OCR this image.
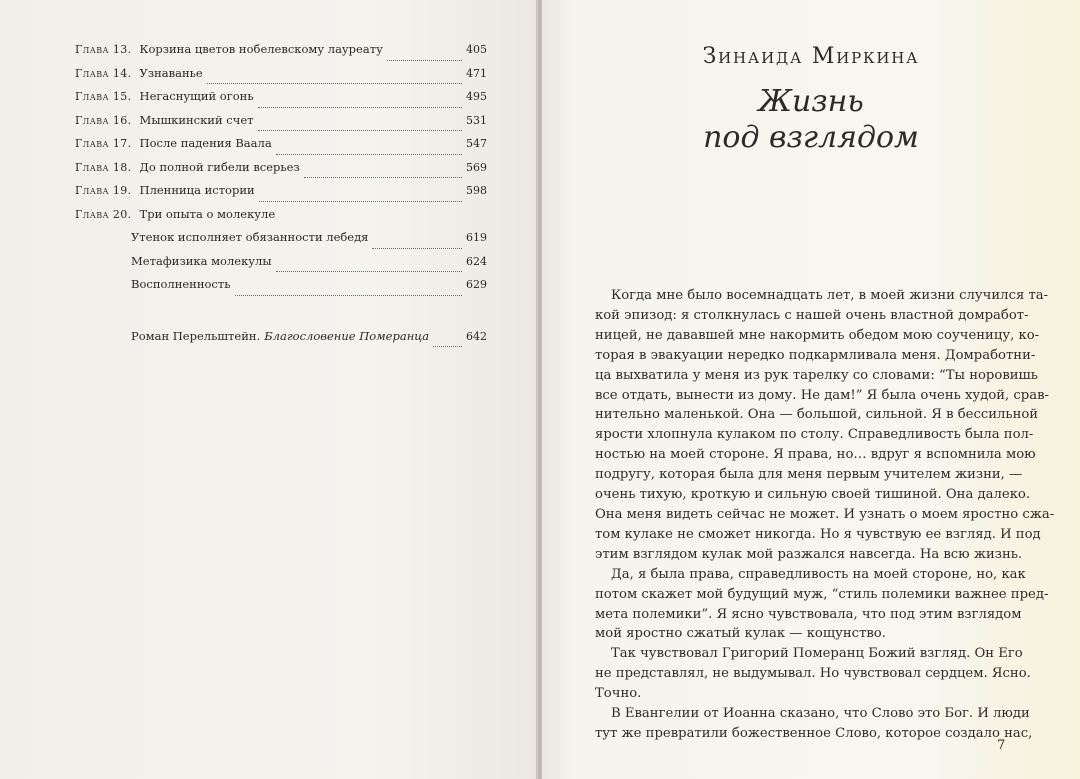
Глава 13. Корзина цветов нобелевскому лауреату	405
Глава 14. Узнаванье	471
Глава 15. Негаснущий огонь	495
Глава 16. Мышкинский счет	531
Глава 17. После падения Ваала	547
Глава 18. До полной гибели всерьез	569
Глава 19. Пленница истории	598
Глава 20. Три опыта о молекуле
Утенок исполняет обязанности лебедя	619
Метафизика молекулы	624
Восполненность	629
Роман Перельштейн. Благословение Померанца	642
Зинаида Миркина
Жизнь
под взглядом
Когда мне было восемнадцать лет, в моей жизни случился та-
кой эпизод: я столкнулась с нашей очень властной домработ-
ницей, не дававшей мне накормить обедом мою соученицу, ко-
торая в эвакуации нередко подкармливала меня. Домработни-
ца выхватила у меня из рук тарелку со словами: “Ты норовишь
все отдать, вынести из дому. Не дам!” Я была очень худой, срав-
нительно маленькой. Она — большой, сильной. Я в бессильной
ярости хлопнула кулаком по столу. Справедливость была пол-
ностью на моей стороне. Я права, но… вдруг я вспомнила мою
подругу, которая была для меня первым учителем жизни, —
очень тихую, кроткую и сильную своей тишиной. Она далеко.
Она меня видеть сейчас не может. И узнать о моем яростно сжа-
том кулаке не сможет никогда. Но я чувствую ее взгляд. И под
этим взглядом кулак мой разжался навсегда. На всю жизнь.
Да, я была права, справедливость на моей стороне, но, как
потом скажет мой будущий муж, “стиль полемики важнее пред-
мета полемики”. Я ясно чувствовала, что под этим взглядом
мой яростно сжатый кулак — кощунство.
Так чувствовал Григорий Померанц Божий взгляд. Он Его
не представлял, не выдумывал. Но чувствовал сердцем. Ясно.
Точно.
В Евангелии от Иоанна сказано, что Слово это Бог. И люди
тут же превратили божественное Слово, которое создало нас,
7
